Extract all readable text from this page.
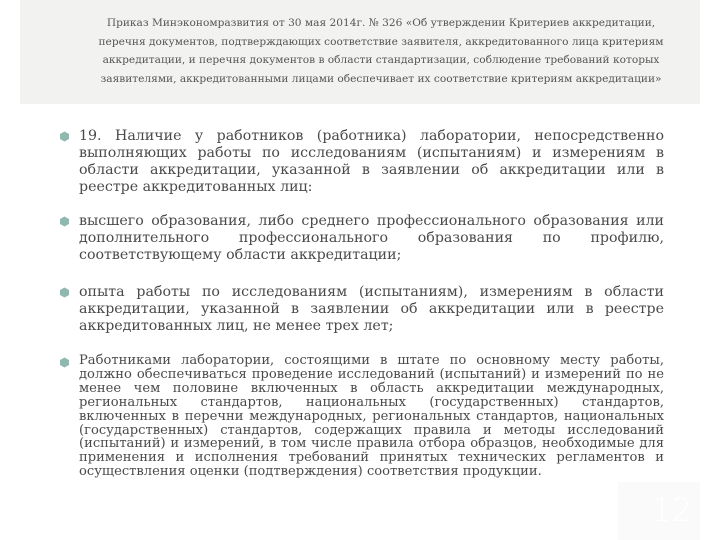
Приказ Минэкономразвития от 30 мая 2014г. № 326 «Об утверждении Критериев аккредитации,
перечня документов, подтверждающих соответствие заявителя, аккредитованного лица критериям
аккредитации, и перечня документов в области стандартизации, соблюдение требований которых
заявителями, аккредитованными лицами обеспечивает их соответствие критериям аккредитации»

19. Наличие у работников (работника) лаборатории, непосредственно выполняющих работы по исследованиям (испытаниям) и измерениям в области аккредитации, указанной в заявлении об аккредитации или в реестре аккредитованных лиц:

высшего образования, либо среднего профессионального образования или дополнительного профессионального образования по профилю, соответствующему области аккредитации;

опыта работы по исследованиям (испытаниям), измерениям в области аккредитации, указанной в заявлении об аккредитации или в реестре аккредитованных лиц, не менее трех лет;

Работниками лаборатории, состоящими в штате по основному месту работы, должно обеспечиваться проведение исследований (испытаний) и измерений по не менее чем половине включенных в область аккредитации международных, региональных стандартов, национальных (государственных) стандартов, включенных в перечни международных, региональных стандартов, национальных (государственных) стандартов, содержащих правила и методы исследований (испытаний) и измерений, в том числе правила отбора образцов, необходимые для применения и исполнения требований принятых технических регламентов и осуществления оценки (подтверждения) соответствия продукции.

12
